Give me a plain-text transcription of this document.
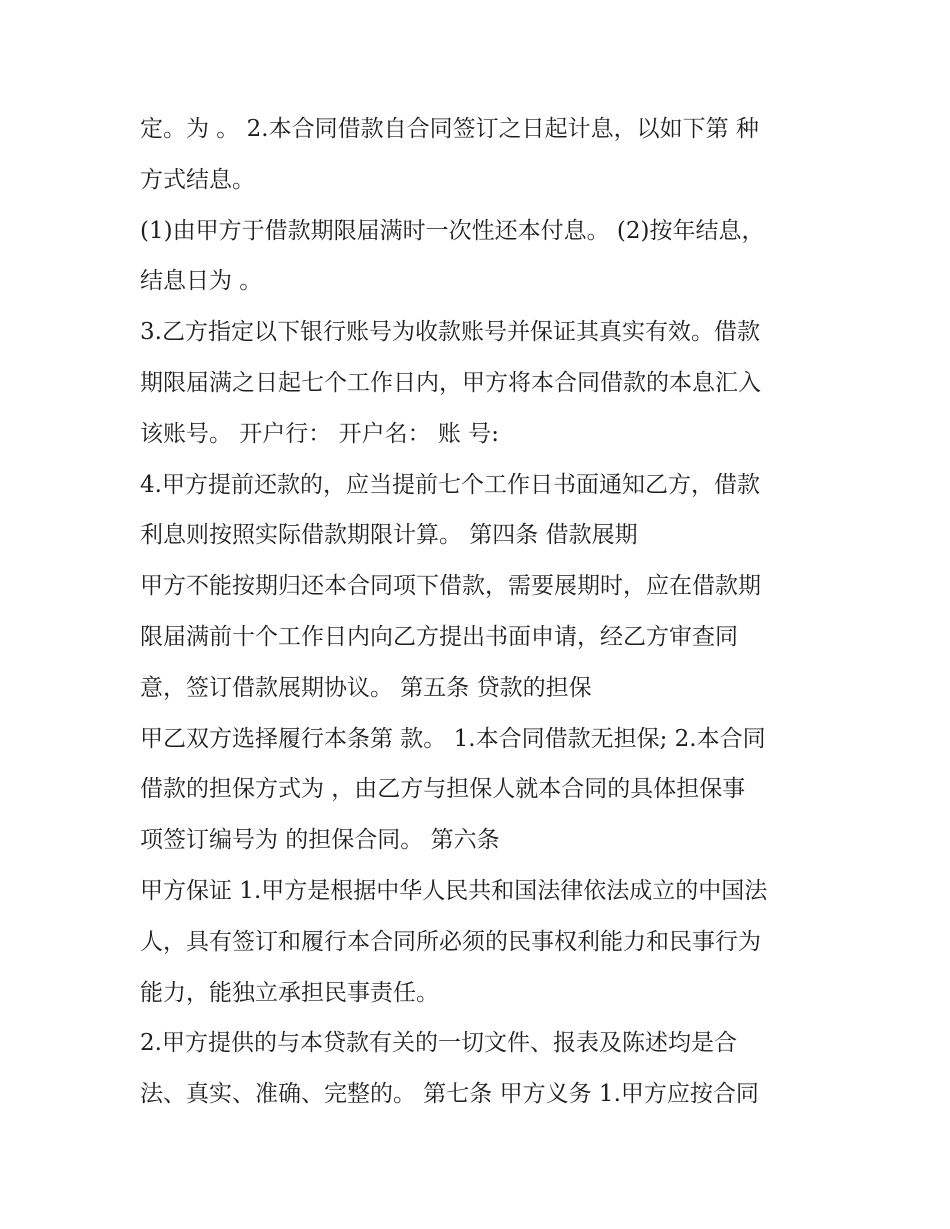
定。为 。 2.本合同借款自合同签订之日起计息，以如下第 种
方式结息。
(1)由甲方于借款期限届满时一次性还本付息。 (2)按年结息，
结息日为 。
3.乙方指定以下银行账号为收款账号并保证其真实有效。借款
期限届满之日起七个工作日内，甲方将本合同借款的本息汇入
该账号。 开户行： 开户名： 账 号:
4.甲方提前还款的，应当提前七个工作日书面通知乙方，借款
利息则按照实际借款期限计算。 第四条 借款展期
甲方不能按期归还本合同项下借款，需要展期时，应在借款期
限届满前十个工作日内向乙方提出书面申请，经乙方审查同
意，签订借款展期协议。 第五条 贷款的担保
甲乙双方选择履行本条第 款。 1.本合同借款无担保; 2.本合同
借款的担保方式为 ，由乙方与担保人就本合同的具体担保事
项签订编号为 的担保合同。 第六条
甲方保证 1.甲方是根据中华人民共和国法律依法成立的中国法
人，具有签订和履行本合同所必须的民事权利能力和民事行为
能力，能独立承担民事责任。
2.甲方提供的与本贷款有关的一切文件、报表及陈述均是合
法、真实、准确、完整的。 第七条 甲方义务 1.甲方应按合同
